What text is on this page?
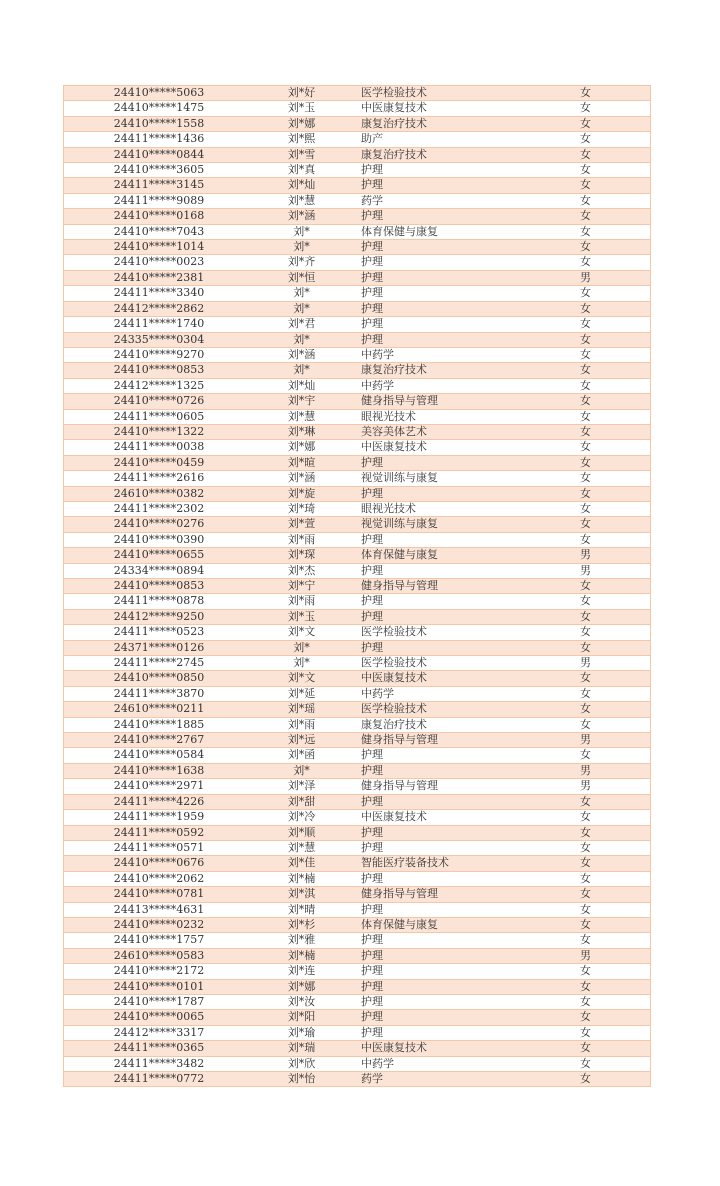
24410*****5063	刘*好	医学检验技术	女
24410*****1475	刘*玉	中医康复技术	女
24410*****1558	刘*娜	康复治疗技术	女
24411*****1436	刘*熙	助产	女
24410*****0844	刘*雪	康复治疗技术	女
24410*****3605	刘*真	护理	女
24411*****3145	刘*灿	护理	女
24411*****9089	刘*慧	药学	女
24410*****0168	刘*涵	护理	女
24410*****7043	刘*	体育保健与康复	女
24410*****1014	刘*	护理	女
24410*****0023	刘*齐	护理	女
24410*****2381	刘*恒	护理	男
24411*****3340	刘*	护理	女
24412*****2862	刘*	护理	女
24411*****1740	刘*君	护理	女
24335*****0304	刘*	护理	女
24410*****9270	刘*涵	中药学	女
24410*****0853	刘*	康复治疗技术	女
24412*****1325	刘*灿	中药学	女
24410*****0726	刘*宇	健身指导与管理	女
24411*****0605	刘*慧	眼视光技术	女
24410*****1322	刘*琳	美容美体艺术	女
24411*****0038	刘*娜	中医康复技术	女
24410*****0459	刘*暄	护理	女
24411*****2616	刘*涵	视觉训练与康复	女
24610*****0382	刘*旋	护理	女
24411*****2302	刘*琦	眼视光技术	女
24410*****0276	刘*萱	视觉训练与康复	女
24410*****0390	刘*雨	护理	女
24410*****0655	刘*琛	体育保健与康复	男
24334*****0894	刘*杰	护理	男
24410*****0853	刘*宁	健身指导与管理	女
24411*****0878	刘*雨	护理	女
24412*****9250	刘*玉	护理	女
24411*****0523	刘*文	医学检验技术	女
24371*****0126	刘*	护理	女
24411*****2745	刘*	医学检验技术	男
24410*****0850	刘*文	中医康复技术	女
24411*****3870	刘*延	中药学	女
24610*****0211	刘*瑶	医学检验技术	女
24410*****1885	刘*雨	康复治疗技术	女
24410*****2767	刘*远	健身指导与管理	男
24410*****0584	刘*函	护理	女
24410*****1638	刘*	护理	男
24410*****2971	刘*泽	健身指导与管理	男
24411*****4226	刘*甜	护理	女
24411*****1959	刘*冷	中医康复技术	女
24411*****0592	刘*顺	护理	女
24411*****0571	刘*慧	护理	女
24410*****0676	刘*佳	智能医疗装备技术	女
24410*****2062	刘*楠	护理	女
24410*****0781	刘*淇	健身指导与管理	女
24413*****4631	刘*晴	护理	女
24410*****0232	刘*杉	体育保健与康复	女
24410*****1757	刘*雅	护理	女
24610*****0583	刘*楠	护理	男
24410*****2172	刘*连	护理	女
24410*****0101	刘*娜	护理	女
24410*****1787	刘*汝	护理	女
24410*****0065	刘*阳	护理	女
24412*****3317	刘*瑜	护理	女
24411*****0365	刘*瑞	中医康复技术	女
24411*****3482	刘*欣	中药学	女
24411*****0772	刘*怡	药学	女
